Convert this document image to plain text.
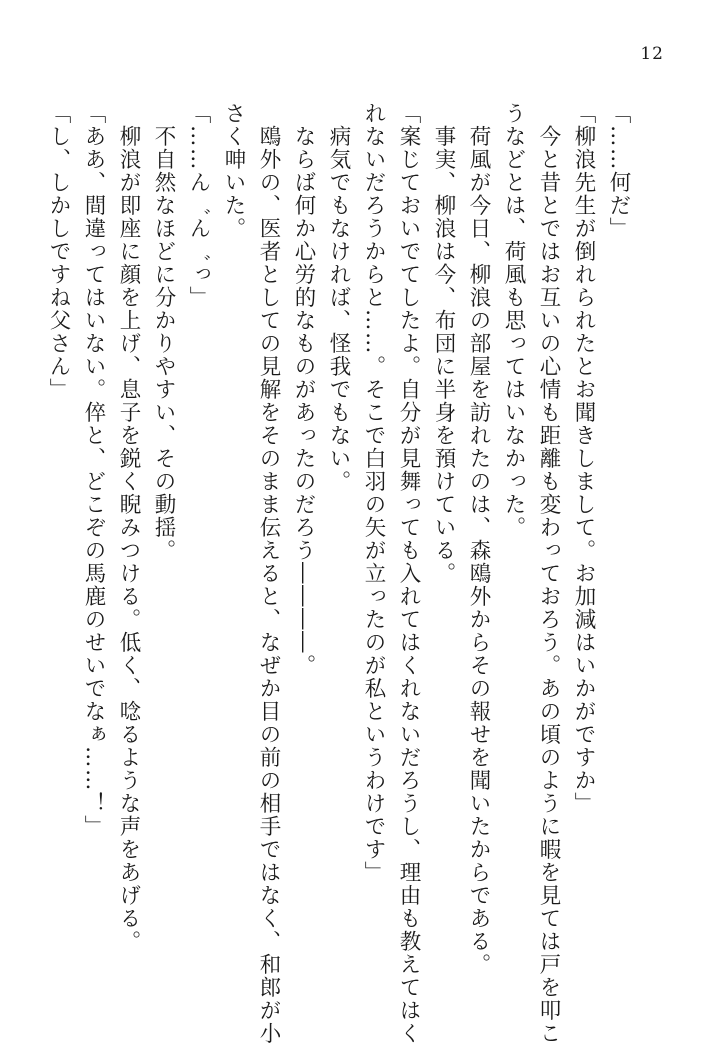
12
「……何だ」
「柳浪先生が倒れられたとお聞きしまして。お加減はいかがですか」
　今と昔とではお互いの心情も距離も変わっておろう。あの頃のように暇を見ては戸を叩こ
うなどとは、荷風も思ってはいなかった。
　荷風が今日、柳浪の部屋を訪れたのは、森鴎外からその報せを聞いたからである。
　事実、柳浪は今、布団に半身を預けている。
「案じておいでてしたよ。自分が見舞っても入れてはくれないだろうし、理由も教えてはく
れないだろうからと……。そこで白羽の矢が立ったのが私というわけです」
　病気でもなければ、怪我でもない。
　ならば何か心労的なものがあったのだろう――――。
　鴎外の、医者としての見解をそのまま伝えると、なぜか目の前の相手ではなく、和郎が小
さく呻いた。
「……ん゛ん゛っ」
　不自然なほどに分かりやすい、その動揺。
　柳浪が即座に顔を上げ、息子を鋭く睨みつける。低く、唸るような声をあげる。
「ああ、間違ってはいない。倅と、どこぞの馬鹿のせいでなぁ……！」
「し、しかしですね父さん」
